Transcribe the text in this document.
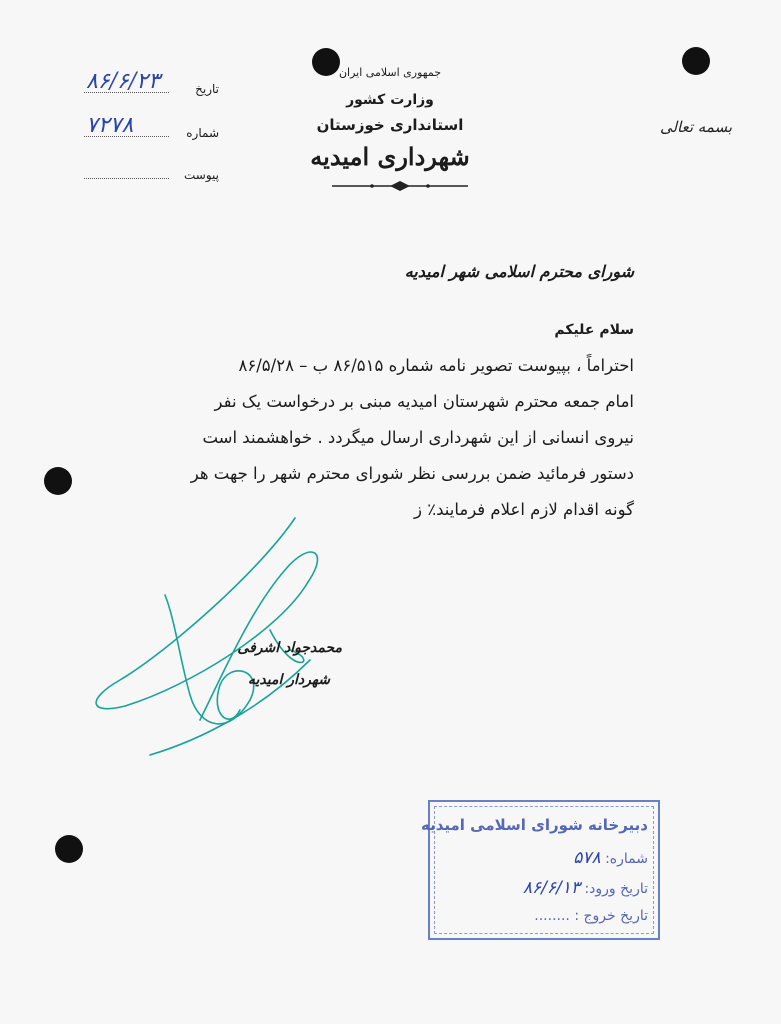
تاریخ
۸۶/۶/۲۳
شماره
۷۲۷۸
پیوست
جمهوری اسلامی ایران
وزارت کشور
استانداری خوزستان
شهرداری امیدیه
بسمه تعالی
شورای محترم اسلامی شهر امیدیه
سلام علیکم

احتراماً ، بپیوست تصویر نامه شماره ۸۶/۵۱۵ ب – ۸۶/۵/۲۸

امام جمعه محترم شهرستان امیدیه مبنی بر درخواست یک نفر

نیروی انسانی از این شهرداری ارسال میگردد . خواهشمند است

دستور فرمائید ضمن بررسی نظر شورای محترم شهر را جهت هر

گونه اقدام لازم اعلام فرمایند٪ ز

محمدجواد اشرفی
شهردار امیدیه
دبیرخانه شورای اسلامی امیدیه
شماره: ۵۷۸
تاریخ ورود: ۸۶/۶/۱۳
تاریخ خروج : ........
